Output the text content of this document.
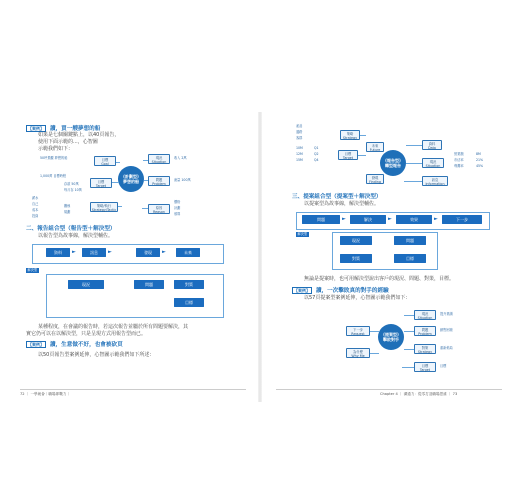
【案例】 讀，買一艘夢想的船
如果是七個關鍵點上，以40頁報告，
使用下面示範的...，心智圖
示範我們如下：
(計劃型)
夢想的船
目標
Goal
目標
Target
策略/執行
Strategy/Tactic
現況
Situation
問題
Problem
原因
Reason
50坪景觀 夢想的船
1,000萬 目標時程
存款 50萬
每月存 10萬
收入 2萬
流量 100萬
薪水
自己
成本
投資
關係
規劃
價格
計劃
預算
二、報告組合型（報告型＋解決型）
以報告型為故事線，解決型輔佐。
資料	►	訊息	►	發現	►	未來
解決型
現況	問題	對策
目標
某種程度，在會議的報告時，若這次報告並屬於所有問題要解決，其
實它仍可以在以解決型，只是呈現方式用報告型而已。
【案例】 讀，生意做不好，也會被砍頁
以50頁報告型案例延伸，心智圖示範我們如下所述：
72 ｜ 一學就會｜職場即戰力｜
(報告型)
轉型報告
策略
Strategy
目標
Target
未來
Future
發現
Finding
資料
Data
現況
Situation
訊息
Information
產品
通路
客群
10M
12M
15M
Q1
Q2
Q4
營業額
市佔率
利潤率
8M
21%
45%
三、提案組合型（提案型＋解決型）
以提案型為故事線，解決型輔佐。
問題	►	解決	►	效果	►	下一步
解決型
現況	問題
對策	目標
無論是提案時，也可用解決型說出客戶的現況、問題、對策，目標。
【案例】 讀，一次擊敗真的對手的經驗
以57頁提案型案例延伸，心智圖示範我們如下：
(提案型)
擊敗對手
下一步
Request
為什麼
Why Me
現況
Situation
問題
Problem
對策
Strategy
目標
Target
提升業績
銷售困境
重新佈局
目標
Chapter 4 ｜ 溝通力：從零打造職場思維 ｜ 73
